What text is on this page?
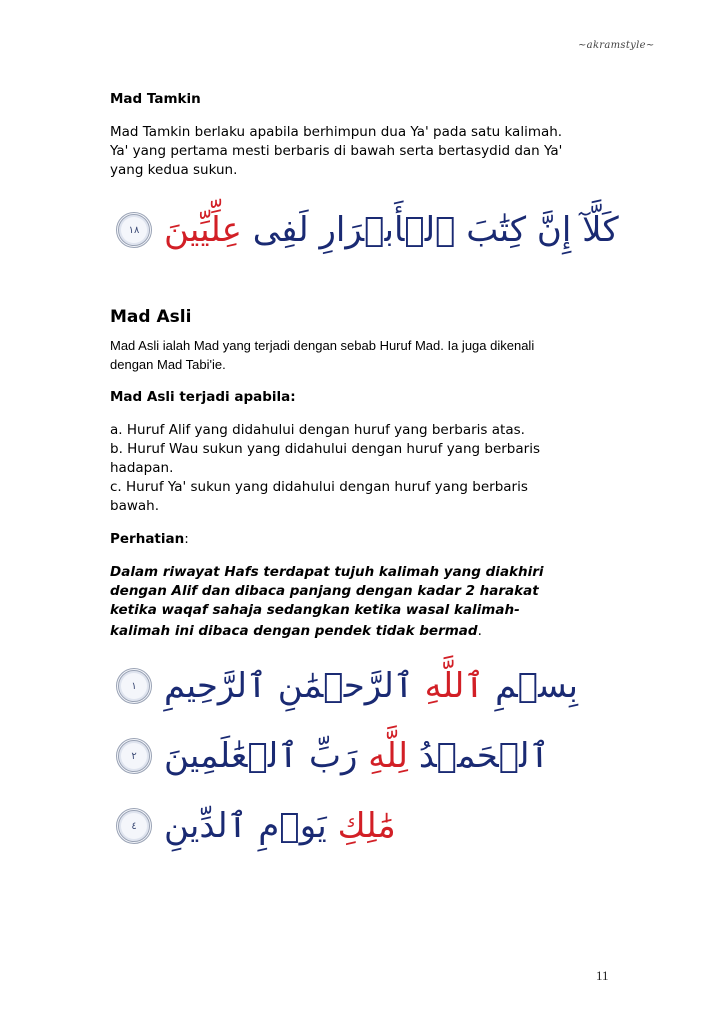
~akramstyle~
Mad Tamkin

Mad Tamkin berlaku apabila berhimpun dua Ya' pada satu kalimah.

Ya' yang pertama mesti berbaris di bawah serta bertasydid dan Ya'

yang kedua sukun.

١٨	كَلَّآ إِنَّ كِتَٰبَ ٱلۡأَبۡرَارِ لَفِى عِلِّيِّينَ
Mad Asli

Mad Asli ialah Mad yang terjadi dengan sebab Huruf Mad. Ia juga dikenali

dengan Mad Tabi'ie.

Mad Asli terjadi apabila:

a. Huruf Alif yang didahului dengan huruf yang berbaris atas.

b. Huruf Wau sukun yang didahului dengan huruf yang berbaris

hadapan.

c. Huruf Ya' sukun yang didahului dengan huruf yang berbaris

bawah.

Perhatian:

Dalam riwayat Hafs terdapat tujuh kalimah yang diakhiri

dengan Alif dan dibaca panjang dengan kadar 2 harakat

ketika waqaf sahaja sedangkan ketika wasal kalimah-

kalimah ini dibaca dengan pendek tidak bermad

.
١	بِسۡمِ ٱللَّهِ ٱلرَّحۡمَٰنِ ٱلرَّحِيمِ
٢	ٱلۡحَمۡدُ لِلَّهِ رَبِّ ٱلۡعَٰلَمِينَ
٤	مَٰلِكِ يَوۡمِ ٱلدِّينِ
11
